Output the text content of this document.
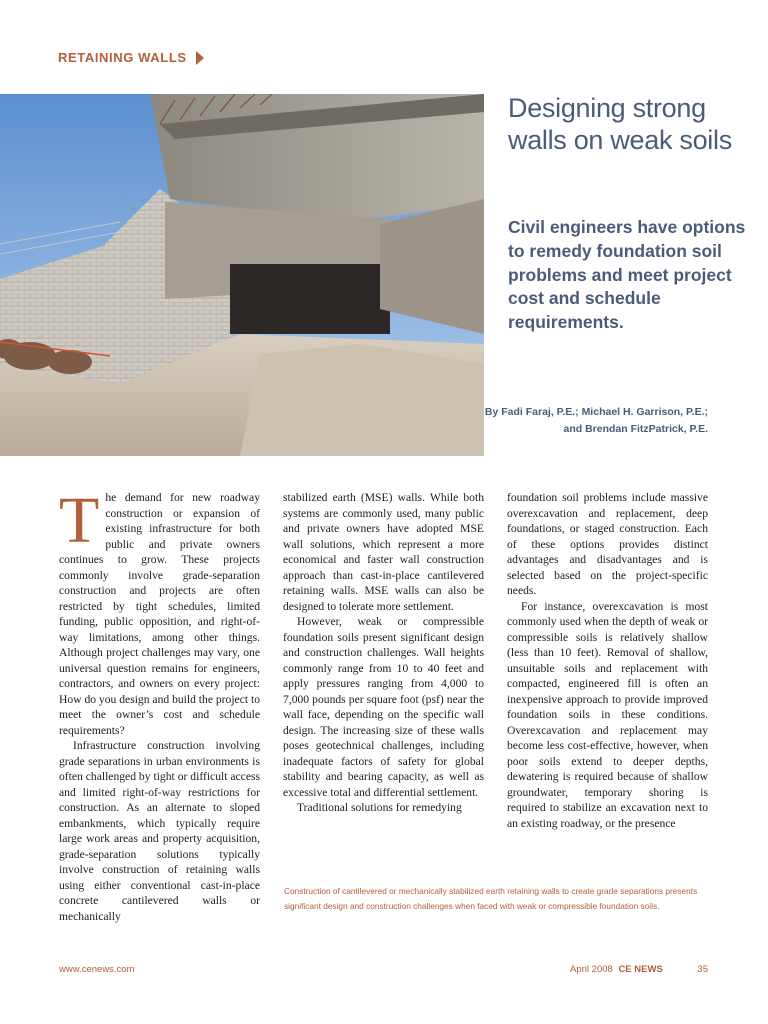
RETAINING WALLS
Designing strong walls on weak soils

Civil engineers have options to remedy foundation soil problems and meet project cost and schedule requirements.

By Fadi Faraj, P.E.; Michael H. Garrison, P.E.;
and Brendan FitzPatrick, P.E.

The demand for new roadway construction or expansion of existing infrastructure for both public and private owners continues to grow. These projects commonly involve grade-separation construction and projects are often restricted by tight schedules, limited funding, public opposition, and right-of-way limitations, among other things. Although project challenges may vary, one universal question remains for engineers, contractors, and owners on every project: How do you design and build the project to meet the owner’s cost and schedule requirements?

Infrastructure construction involving grade separations in urban environments is often challenged by tight or difficult access and limited right-of-way restrictions for construction. As an alternate to sloped embankments, which typically require large work areas and property acquisition, grade-separation solutions typically involve construction of retaining walls using either conventional cast-in-place concrete cantilevered walls or mechanically

stabilized earth (MSE) walls. While both systems are commonly used, many public and private owners have adopted MSE wall solutions, which represent a more economical and faster wall construction approach than cast-in-place cantilevered retaining walls. MSE walls can also be designed to tolerate more settlement.

However, weak or compressible foundation soils present significant design and construction challenges. Wall heights commonly range from 10 to 40 feet and apply pressures ranging from 4,000 to 7,000 pounds per square foot (psf) near the wall face, depending on the specific wall design. The increasing size of these walls poses geotechnical challenges, including inadequate factors of safety for global stability and bearing capacity, as well as excessive total and differential settlement.

Traditional solutions for remedying

foundation soil problems include massive overexcavation and replacement, deep foundations, or staged construction. Each of these options provides distinct advantages and disadvantages and is selected based on the project-specific needs.

For instance, overexcavation is most commonly used when the depth of weak or compressible soils is relatively shallow (less than 10 feet). Removal of shallow, unsuitable soils and replacement with compacted, engineered fill is often an inexpensive approach to provide improved foundation soils in these conditions. Overexcavation and replacement may become less cost-effective, however, when poor soils extend to deeper depths, dewatering is required because of shallow groundwater, temporary shoring is required to stabilize an excavation next to an existing roadway, or the presence

Construction of cantilevered or mechanically stabilized earth retaining walls to create grade separations presents significant design and construction challenges when faced with weak or compressible foundation soils.

www.cenews.com	April 2008 CE NEWS	35
